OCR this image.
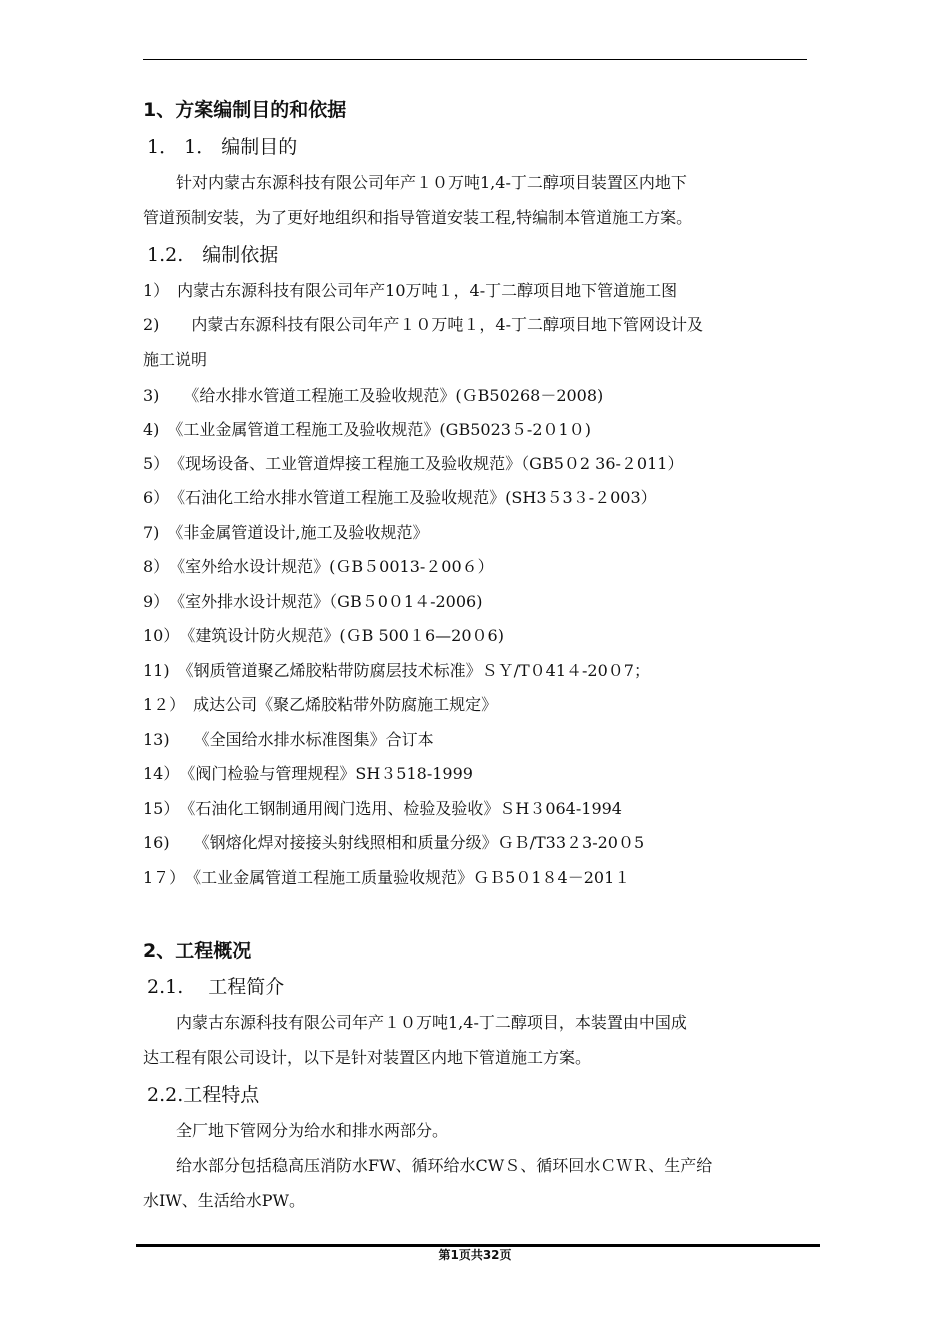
1、方案编制目的和依据
1． 1． 编制目的
针对内蒙古东源科技有限公司年产１０万吨1,4-丁二醇项目装置区内地下
管道预制安装，为了更好地组织和指导管道安装工程,特编制本管道施工方案。
1.2.　编制依据
1）　内蒙古东源科技有限公司年产10万吨１，4-丁二醇项目地下管道施工图
2)　　内蒙古东源科技有限公司年产１０万吨１，4-丁二醇项目地下管网设计及
施工说明
3)　　《给水排水管道工程施工及验收规范》(ＧB50268－2008)
4)　《工业金属管道工程施工及验收规范》(GB5023５-2０1０)
5）　《现场设备、工业管道焊接工程施工及验收规范》（GB5０2 36-２011）
6）　《石油化工给水排水管道工程施工及验收规范》(SH3５3３-２003）
7)　《非金属管道设计,施工及验收规范》
8）　《室外给水设计规范》(ＧB５0013-２00６）
9）　《室外排水设计规范》（GB５0０1４-2006)
10）　《建筑设计防火规范》(ＧB 500１6—20０6)
11)　《钢质管道聚乙烯胶粘带防腐层技术标准》ＳＹ/T０41４-20０7；
1２）　成达公司《聚乙烯胶粘带外防腐施工规定》
13)　　《全国给水排水标准图集》合订本
14）　《阀门检验与管理规程》SH３518-1999
15）　《石油化工钢制通用阀门选用、检验及验收》ＳH３064-1994
16)　　《钢熔化焊对接接头射线照相和质量分级》ＧＢ/T33２3-20０5
1７）　《工业金属管道工程施工质量验收规范》ＧＢ5０1８4－201１
2、工程概况
2.1.　 工程简介
内蒙古东源科技有限公司年产１０万吨1,4-丁二醇项目，本装置由中国成
达工程有限公司设计，以下是针对装置区内地下管道施工方案。
2.2.工程特点
全厂地下管网分为给水和排水两部分。
给水部分包括稳高压消防水FW、循环给水CWＳ、循环回水ＣＷＲ、生产给
水IW、生活给水PW。
第1页共32页
